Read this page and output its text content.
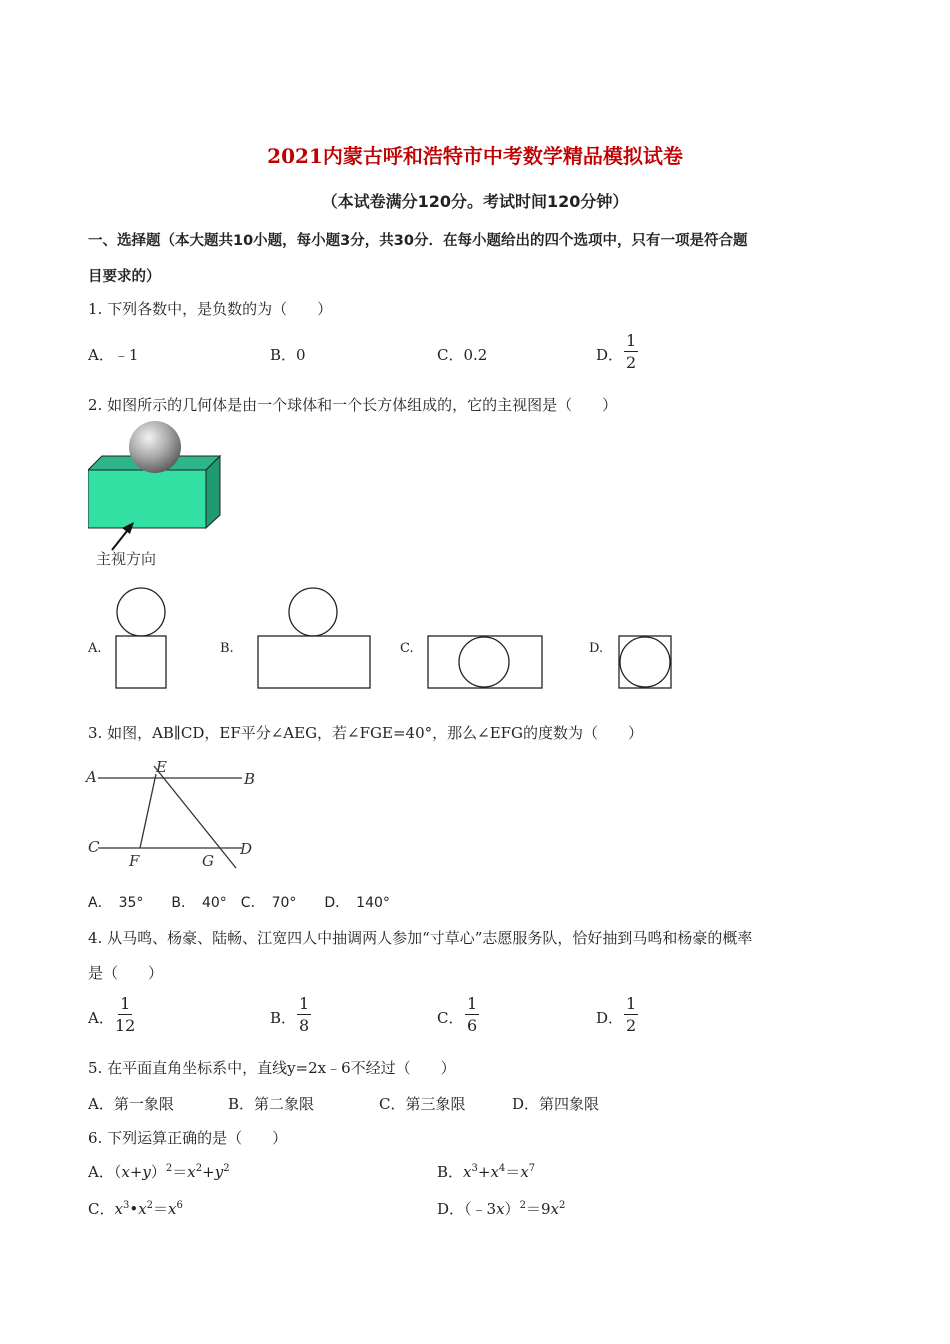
2021内蒙古呼和浩特市中考数学精品模拟试卷
（本试卷满分120分。考试时间120分钟）
一、选择题（本大题共10小题，每小题3分，共30分．在每小题给出的四个选项中，只有一项是符合题
目要求的）
1. 下列各数中，是负数的为（　　）
A．﹣1	B．0	C．0.2	D． $\frac{1}{2}$
2. 如图所示的几何体是由一个球体和一个长方体组成的，它的主视图是（　　）
主视方向
A.	B.	C.	D.
3. 如图，AB∥CD，EF平分∠AEG，若∠FGE=40°，那么∠EFG的度数为（　　）
A	B
E
C	D
F	G
A．　35°　　B．　40°　C．　70°　　D．　140°
4. 从马鸣、杨豪、陆畅、江宽四人中抽调两人参加“寸草心”志愿服务队，恰好抽到马鸣和杨豪的概率
是（　　）
A． $\frac{1}{12}$	B． $\frac{1}{8}$	C． $\frac{1}{6}$	D． $\frac{1}{2}$
5. 在平面直角坐标系中，直线y=2x﹣6不经过（　　）
A．第一象限	B．第二象限	C．第三象限	D．第四象限
6. 下列运算正确的是（　　）
A．$(x+y)^2=x^2+y^2$	B．$x^3+x^4=x^7$
C．$x^3•x^2=x^6$	D．$(﹣3x)^2=9x^2$
